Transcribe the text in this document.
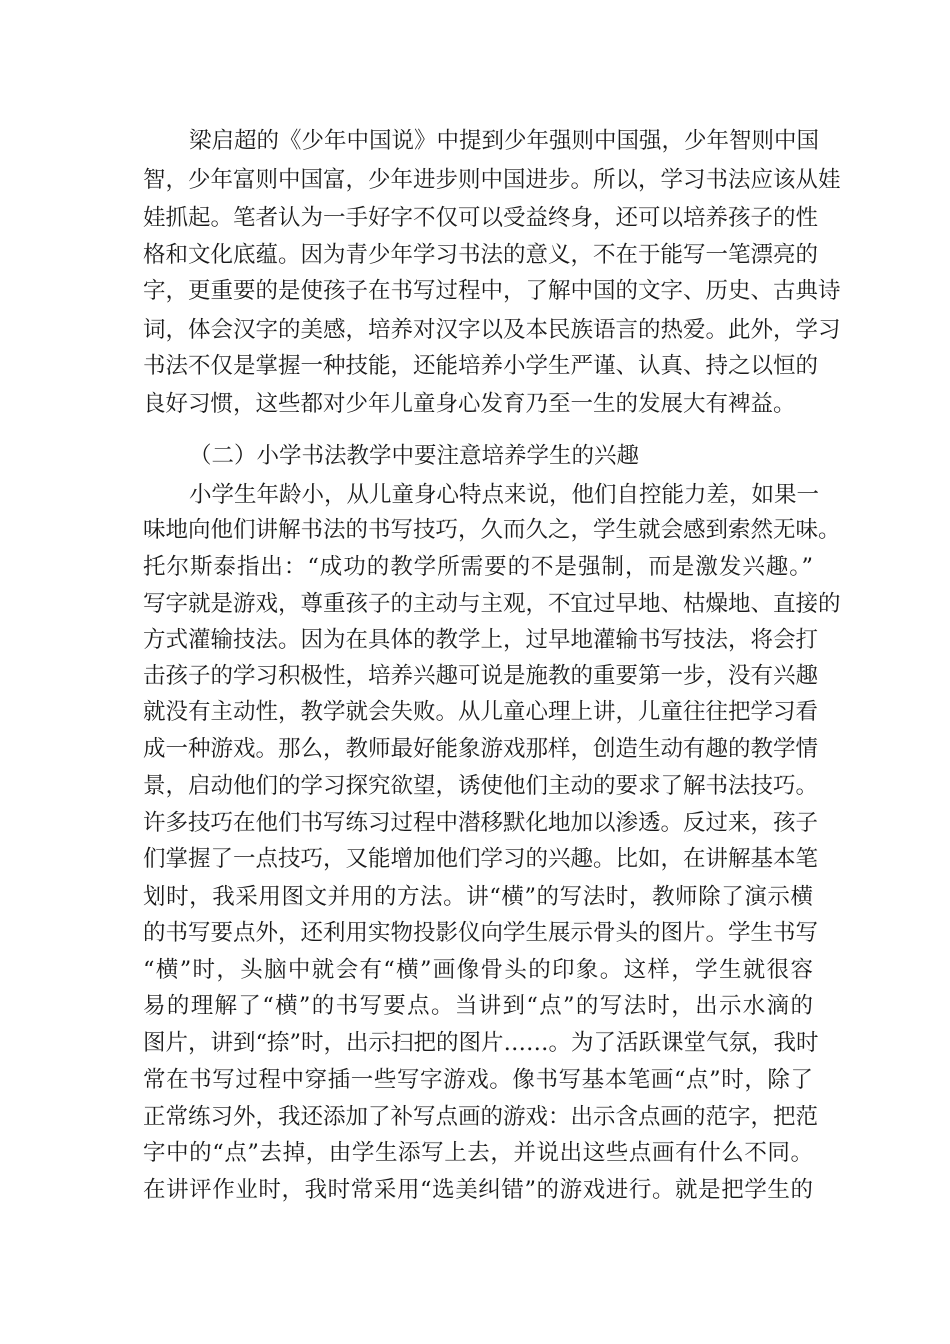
梁启超的《少年中国说》中提到少年强则中国强，少年智则中国
智，少年富则中国富，少年进步则中国进步。所以，学习书法应该从娃
娃抓起。笔者认为一手好字不仅可以受益终身，还可以培养孩子的性
格和文化底蕴。因为青少年学习书法的意义，不在于能写一笔漂亮的
字，更重要的是使孩子在书写过程中，了解中国的文字、历史、古典诗
词，体会汉字的美感，培养对汉字以及本民族语言的热爱。此外，学习
书法不仅是掌握一种技能，还能培养小学生严谨、认真、持之以恒的
良好习惯，这些都对少年儿童身心发育乃至一生的发展大有裨益。
（二）小学书法教学中要注意培养学生的兴趣
小学生年龄小，从儿童身心特点来说，他们自控能力差，如果一
味地向他们讲解书法的书写技巧，久而久之，学生就会感到索然无味。
托尔斯泰指出：“成功的教学所需要的不是强制，而是激发兴趣。”
写字就是游戏，尊重孩子的主动与主观，不宜过早地、枯燥地、直接的
方式灌输技法。因为在具体的教学上，过早地灌输书写技法，将会打
击孩子的学习积极性，培养兴趣可说是施教的重要第一步，没有兴趣
就没有主动性，教学就会失败。从儿童心理上讲，儿童往往把学习看
成一种游戏。那么，教师最好能象游戏那样，创造生动有趣的教学情
景，启动他们的学习探究欲望，诱使他们主动的要求了解书法技巧。
许多技巧在他们书写练习过程中潜移默化地加以渗透。反过来，孩子
们掌握了一点技巧，又能增加他们学习的兴趣。比如，在讲解基本笔
划时，我采用图文并用的方法。讲“横”的写法时，教师除了演示横
的书写要点外，还利用实物投影仪向学生展示骨头的图片。学生书写
“横”时，头脑中就会有“横”画像骨头的印象。这样，学生就很容
易的理解了“横”的书写要点。当讲到“点”的写法时，出示水滴的
图片，讲到“捺”时，出示扫把的图片……。为了活跃课堂气氛，我时
常在书写过程中穿插一些写字游戏。像书写基本笔画“点”时，除了
正常练习外，我还添加了补写点画的游戏：出示含点画的范字，把范
字中的“点”去掉，由学生添写上去，并说出这些点画有什么不同。
在讲评作业时，我时常采用“选美纠错”的游戏进行。就是把学生的
